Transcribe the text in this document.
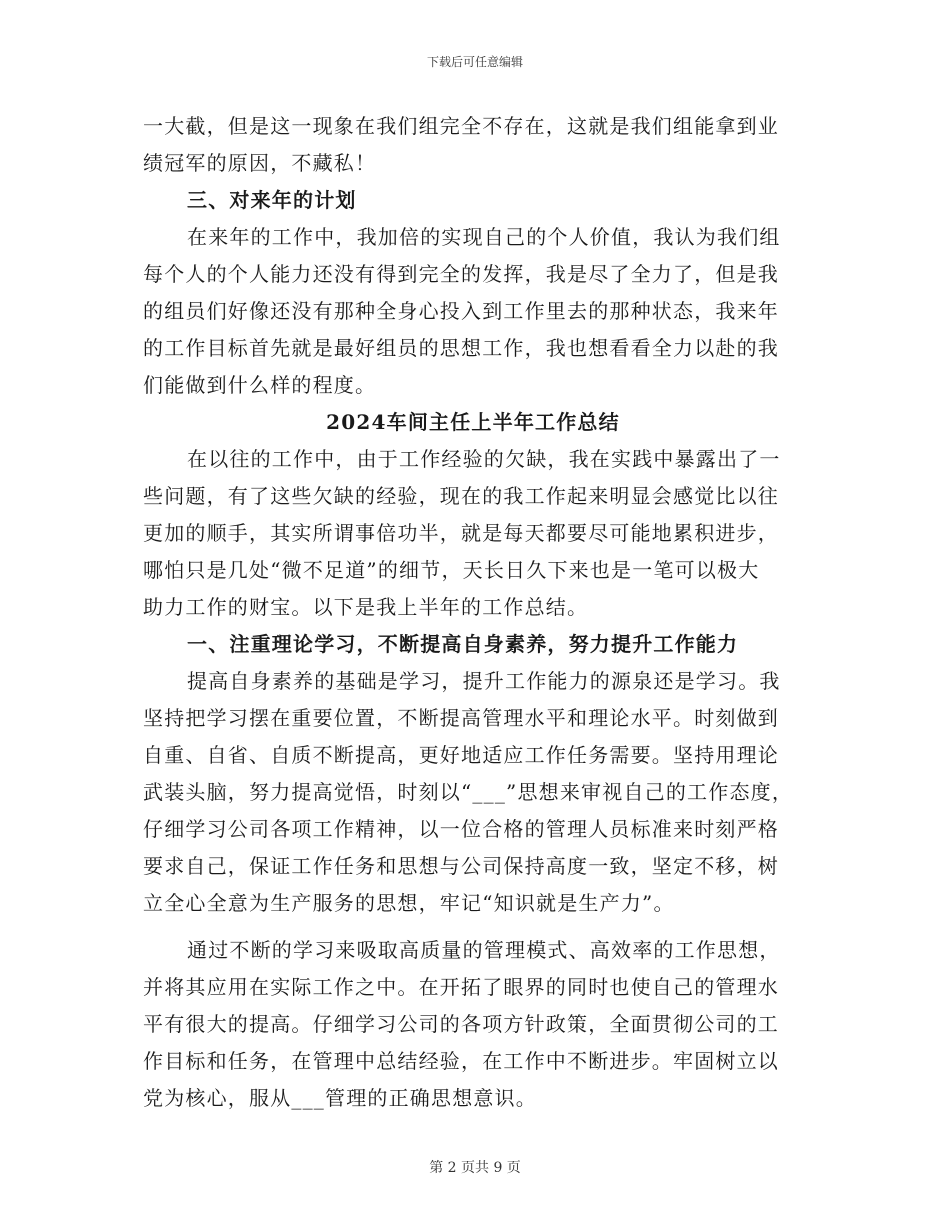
下载后可任意编辑
一大截，但是这一现象在我们组完全不存在，这就是我们组能拿到业
绩冠军的原因，不藏私！
三、对来年的计划
在来年的工作中，我加倍的实现自己的个人价值，我认为我们组
每个人的个人能力还没有得到完全的发挥，我是尽了全力了，但是我
的组员们好像还没有那种全身心投入到工作里去的那种状态，我来年
的工作目标首先就是最好组员的思想工作，我也想看看全力以赴的我
们能做到什么样的程度。
2024车间主任上半年工作总结
在以往的工作中，由于工作经验的欠缺，我在实践中暴露出了一
些问题，有了这些欠缺的经验，现在的我工作起来明显会感觉比以往
更加的顺手，其实所谓事倍功半，就是每天都要尽可能地累积进步，
哪怕只是几处“微不足道”的细节，天长日久下来也是一笔可以极大
助力工作的财宝。以下是我上半年的工作总结。
一、注重理论学习，不断提高自身素养，努力提升工作能力
提高自身素养的基础是学习，提升工作能力的源泉还是学习。我
坚持把学习摆在重要位置，不断提高管理水平和理论水平。时刻做到
自重、自省、自质不断提高，更好地适应工作任务需要。坚持用理论
武装头脑，努力提高觉悟，时刻以“___”思想来审视自己的工作态度，
仔细学习公司各项工作精神，以一位合格的管理人员标准来时刻严格
要求自己，保证工作任务和思想与公司保持高度一致，坚定不移，树
立全心全意为生产服务的思想，牢记“知识就是生产力”。
通过不断的学习来吸取高质量的管理模式、高效率的工作思想，
并将其应用在实际工作之中。在开拓了眼界的同时也使自己的管理水
平有很大的提高。仔细学习公司的各项方针政策，全面贯彻公司的工
作目标和任务，在管理中总结经验，在工作中不断进步。牢固树立以
党为核心，服从___管理的正确思想意识。
第 2 页共 9 页
